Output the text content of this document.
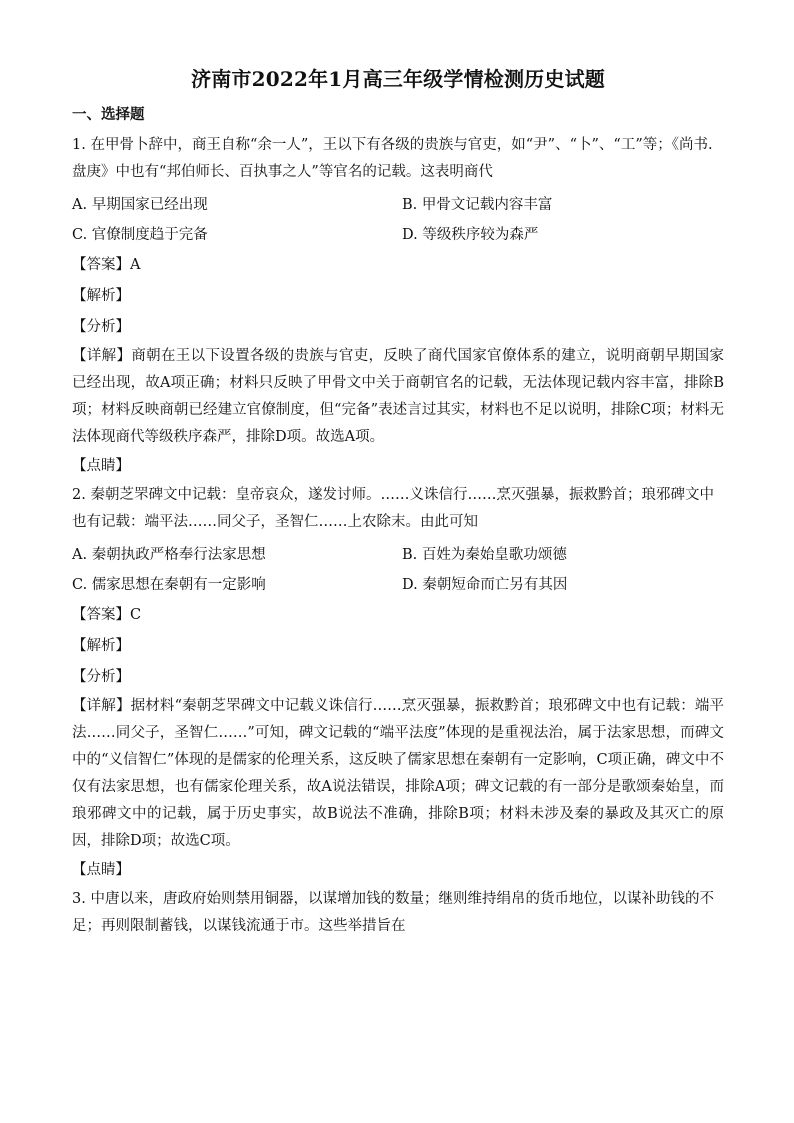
济南市2022年1月高三年级学情检测历史试题
一、选择题

1. 在甲骨卜辞中，商王自称“余一人”，王以下有各级的贵族与官吏，如“尹”、“卜”、“工”等；《尚书.盘庚》中也有“邦伯师长、百执事之人”等官名的记载。这表明商代

A. 早期国家已经出现	B. 甲骨文记载内容丰富
C. 官僚制度趋于完备	D. 等级秩序较为森严

【答案】A

【解析】

【分析】

【详解】商朝在王以下设置各级的贵族与官吏，反映了商代国家官僚体系的建立，说明商朝早期国家已经出现，故A项正确；材料只反映了甲骨文中关于商朝官名的记载，无法体现记载内容丰富，排除B项；材料反映商朝已经建立官僚制度，但“完备”表述言过其实，材料也不足以说明，排除C项；材料无法体现商代等级秩序森严，排除D项。故选A项。

【点睛】

2. 秦朝芝罘碑文中记载：皇帝哀众，遂发讨师。……义诛信行……烹灭强暴，振救黔首；琅邪碑文中也有记载：端平法……同父子，圣智仁……上农除末。由此可知

A. 秦朝执政严格奉行法家思想	B. 百姓为秦始皇歌功颂德
C. 儒家思想在秦朝有一定影响	D. 秦朝短命而亡另有其因

【答案】C

【解析】

【分析】

【详解】据材料“秦朝芝罘碑文中记载义诛信行……烹灭强暴，振救黔首；琅邪碑文中也有记载：端平法……同父子，圣智仁……”可知，碑文记载的“端平法度”体现的是重视法治，属于法家思想，而碑文中的“义信智仁”体现的是儒家的伦理关系，这反映了儒家思想在秦朝有一定影响，C项正确，碑文中不仅有法家思想，也有儒家伦理关系，故A说法错误，排除A项；碑文记载的有一部分是歌颂秦始皇，而琅邪碑文中的记载，属于历史事实，故B说法不准确，排除B项；材料未涉及秦的暴政及其灭亡的原因，排除D项；故选C项。

【点睛】

3. 中唐以来，唐政府始则禁用铜器，以谋增加钱的数量；继则维持绢帛的货币地位，以谋补助钱的不足；再则限制蓄钱，以谋钱流通于市。这些举措旨在
